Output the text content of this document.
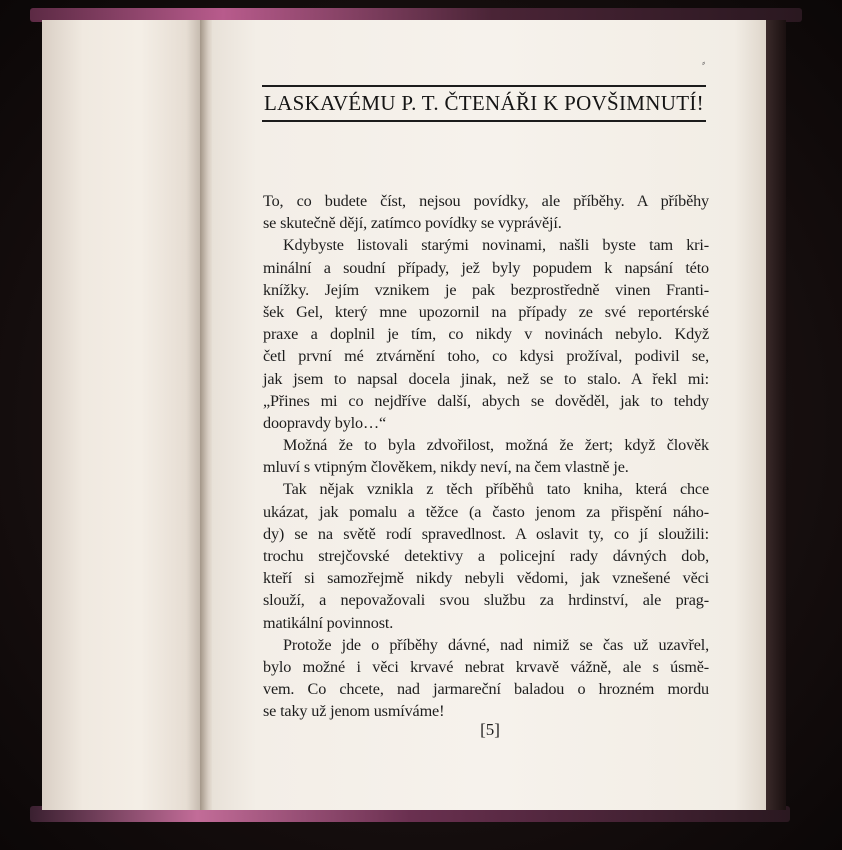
⸗
LASKAVÉMU P. T. ČTENÁŘI K POVŠIMNUTÍ!
To, co budete číst, nejsou povídky, ale příběhy. A příběhy
se skutečně dějí, zatímco povídky se vyprávějí.
Kdybyste listovali starými novinami, našli byste tam kri-
minální a soudní případy, jež byly popudem k napsání této
knížky. Jejím vznikem je pak bezprostředně vinen Franti-
šek Gel, který mne upozornil na případy ze své reportérské
praxe a doplnil je tím, co nikdy v novinách nebylo. Když
četl první mé ztvárnění toho, co kdysi prožíval, podivil se,
jak jsem to napsal docela jinak, než se to stalo. A řekl mi:
„Přines mi co nejdříve další, abych se dověděl, jak to tehdy
doopravdy bylo…“
Možná že to byla zdvořilost, možná že žert; když člověk
mluví s vtipným člověkem, nikdy neví, na čem vlastně je.
Tak nějak vznikla z těch příběhů tato kniha, která chce
ukázat, jak pomalu a těžce (a často jenom za přispění náho-
dy) se na světě rodí spravedlnost. A oslavit ty, co jí sloužili:
trochu strejčovské detektivy a policejní rady dávných dob,
kteří si samozřejmě nikdy nebyli vědomi, jak vznešené věci
slouží, a nepovažovali svou službu za hrdinství, ale prag-
matikální povinnost.
Protože jde o příběhy dávné, nad nimiž se čas už uzavřel,
bylo možné i věci krvavé nebrat krvavě vážně, ale s úsmě-
vem. Co chcete, nad jarmareční baladou o hrozném mordu
se taky už jenom usmíváme!
[5]
